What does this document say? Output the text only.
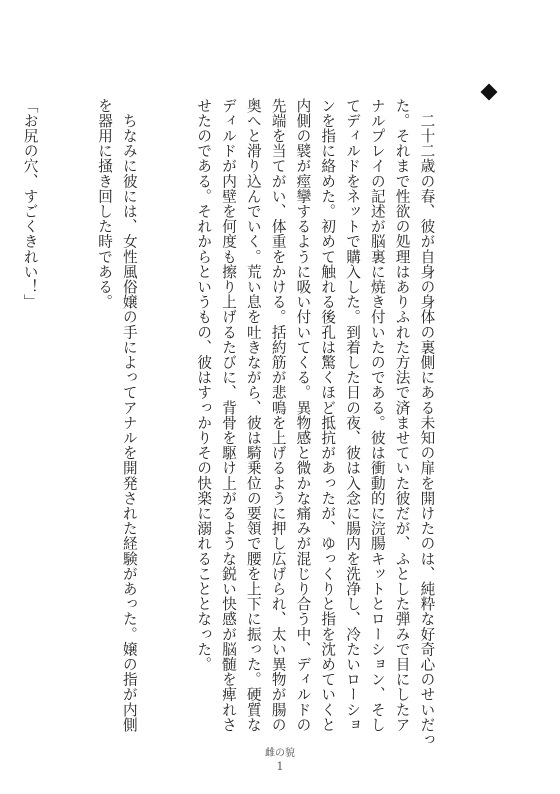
　二十二歳の春、彼が自身の身体の裏側にある未知の扉を開けたのは、純粋な好奇心のせいだっ
た。それまで性欲の処理はありふれた方法で済ませていた彼だが、ふとした弾みで目にしたア
ナルプレイの記述が脳裏に焼き付いたのである。彼は衝動的に浣腸キットとローション、そし
てディルドをネットで購入した。到着した日の夜、彼は入念に腸内を洗浄し、冷たいローショ
ンを指に絡めた。初めて触れる後孔は驚くほど抵抗があったが、ゆっくりと指を沈めていくと
内側の襞が痙攣するように吸い付いてくる。異物感と微かな痛みが混じり合う中、ディルドの
先端を当てがい、体重をかける。括約筋が悲鳴を上げるように押し広げられ、太い異物が腸の
奥へと滑り込んでいく。荒い息を吐きながら、彼は騎乗位の要領で腰を上下に振った。硬質な
ディルドが内壁を何度も擦り上げるたびに、背骨を駆け上がるような鋭い快感が脳髄を痺れさ
せたのである。それからというもの、彼はすっかりその快楽に溺れることとなった。

　ちなみに彼には、女性風俗嬢の手によってアナルを開発された経験があった。嬢の指が内側
を器用に掻き回した時である。

「お尻の穴、すごくきれい！」

雌の貌
1
